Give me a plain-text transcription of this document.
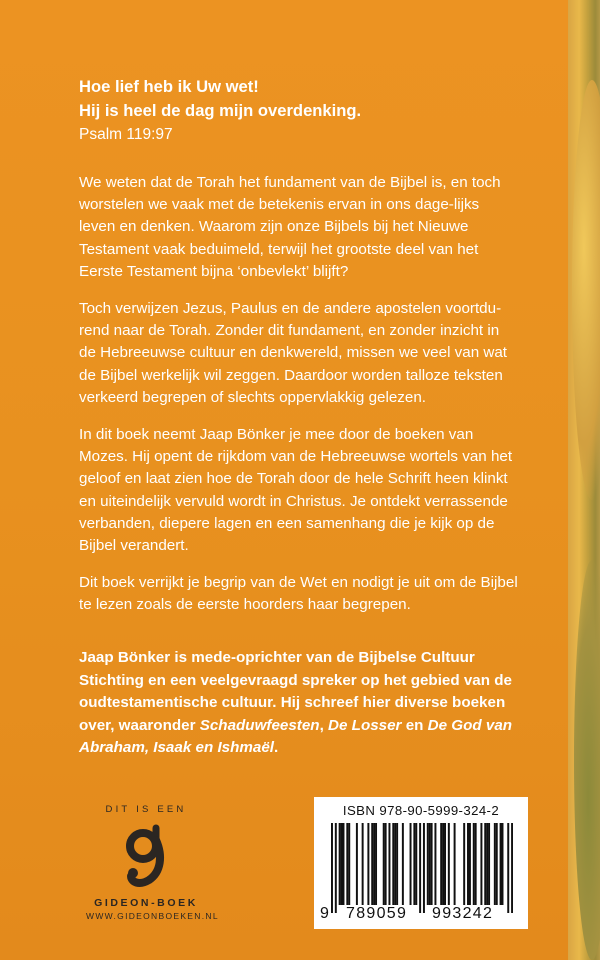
Hoe lief heb ik Uw wet!
Hij is heel de dag mijn overdenking.
Psalm 119:97

We weten dat de Torah het fundament van de Bijbel is, en toch worstelen we vaak met de betekenis ervan in ons dage-lijks leven en denken. Waarom zijn onze Bijbels bij het Nieuwe Testament vaak beduimeld, terwijl het grootste deel van het Eerste Testament bijna ‘onbevlekt’ blijft?

Toch verwijzen Jezus, Paulus en de andere apostelen voortdu-rend naar de Torah. Zonder dit fundament, en zonder inzicht in de Hebreeuwse cultuur en denkwereld, missen we veel van wat de Bijbel werkelijk wil zeggen. Daardoor worden talloze teksten verkeerd begrepen of slechts oppervlakkig gelezen.

In dit boek neemt Jaap Bönker je mee door de boeken van Mozes. Hij opent de rijkdom van de Hebreeuwse wortels van het geloof en laat zien hoe de Torah door de hele Schrift heen klinkt en uiteindelijk vervuld wordt in Christus. Je ontdekt verrassende verbanden, diepere lagen en een samenhang die je kijk op de Bijbel verandert.

Dit boek verrijkt je begrip van de Wet en nodigt je uit om de Bijbel te lezen zoals de eerste hoorders haar begrepen.

Jaap Bönker is mede-oprichter van de Bijbelse Cultuur Stichting en een veelgevraagd spreker op het gebied van de oudtestamentische cultuur. Hij schreef hier diverse boeken over, waaronder Schaduwfeesten, De Losser en De God van Abraham, Isaak en Ishmaël.
DIT IS EEN
GIDEON-BOEK
WWW.GIDEONBOEKEN.NL
ISBN 978-90-5999-324-2
9 789059 993242
